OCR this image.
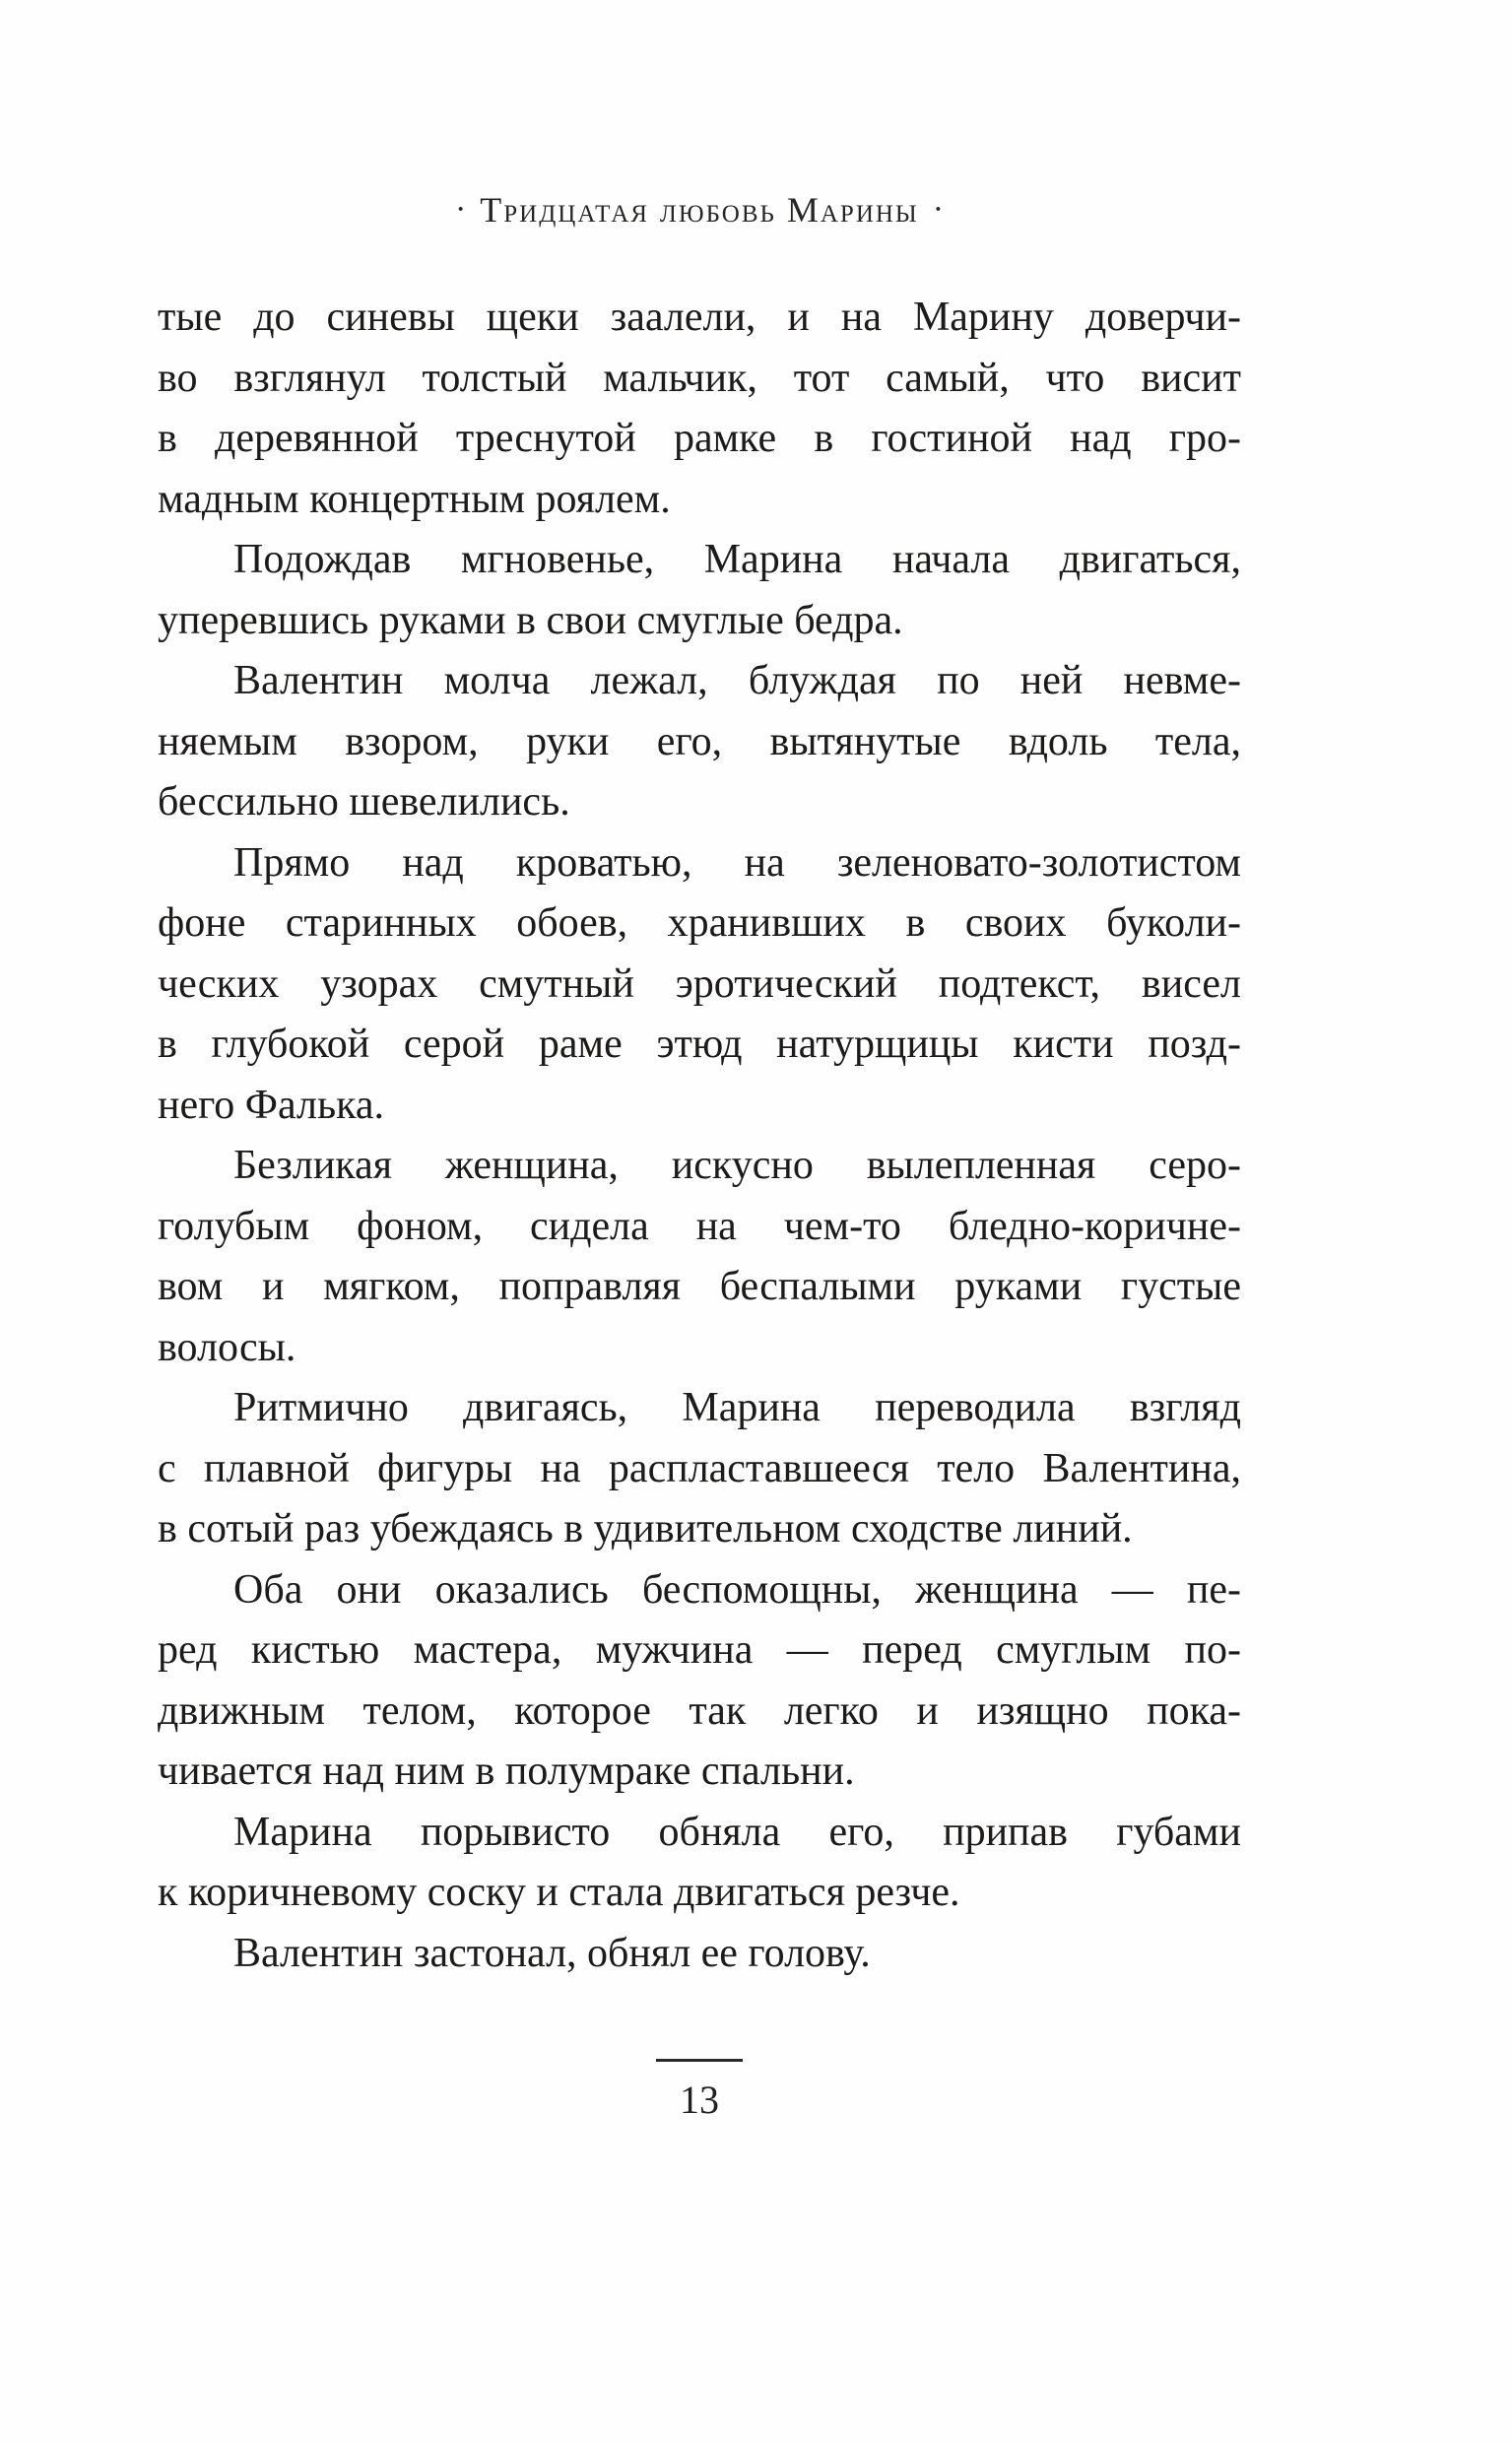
· Тридцатая любовь Марины ·
тые до синевы щеки заалели, и на Марину доверчи-
во взглянул толстый мальчик, тот самый, что висит
в деревянной треснутой рамке в гостиной над гро-
мадным концертным роялем.
Подождав мгновенье, Марина начала двигаться,
уперевшись руками в свои смуглые бедра.
Валентин молча лежал, блуждая по ней невме-
няемым взором, руки его, вытянутые вдоль тела,
бессильно шевелились.
Прямо над кроватью, на зеленовато-золотистом
фоне старинных обоев, хранивших в своих буколи-
ческих узорах смутный эротический подтекст, висел
в глубокой серой раме этюд натурщицы кисти позд-
него Фалька.
Безликая женщина, искусно вылепленная серо-
голубым фоном, сидела на чем-то бледно-коричне-
вом и мягком, поправляя беспалыми руками густые
волосы.
Ритмично двигаясь, Марина переводила взгляд
с плавной фигуры на распластавшееся тело Валентина,
в сотый раз убеждаясь в удивительном сходстве линий.
Оба они оказались беспомощны, женщина — пе-
ред кистью мастера, мужчина — перед смуглым по-
движным телом, которое так легко и изящно пока-
чивается над ним в полумраке спальни.
Марина порывисто обняла его, припав губами
к коричневому соску и стала двигаться резче.
Валентин застонал, обнял ее голову.
13
